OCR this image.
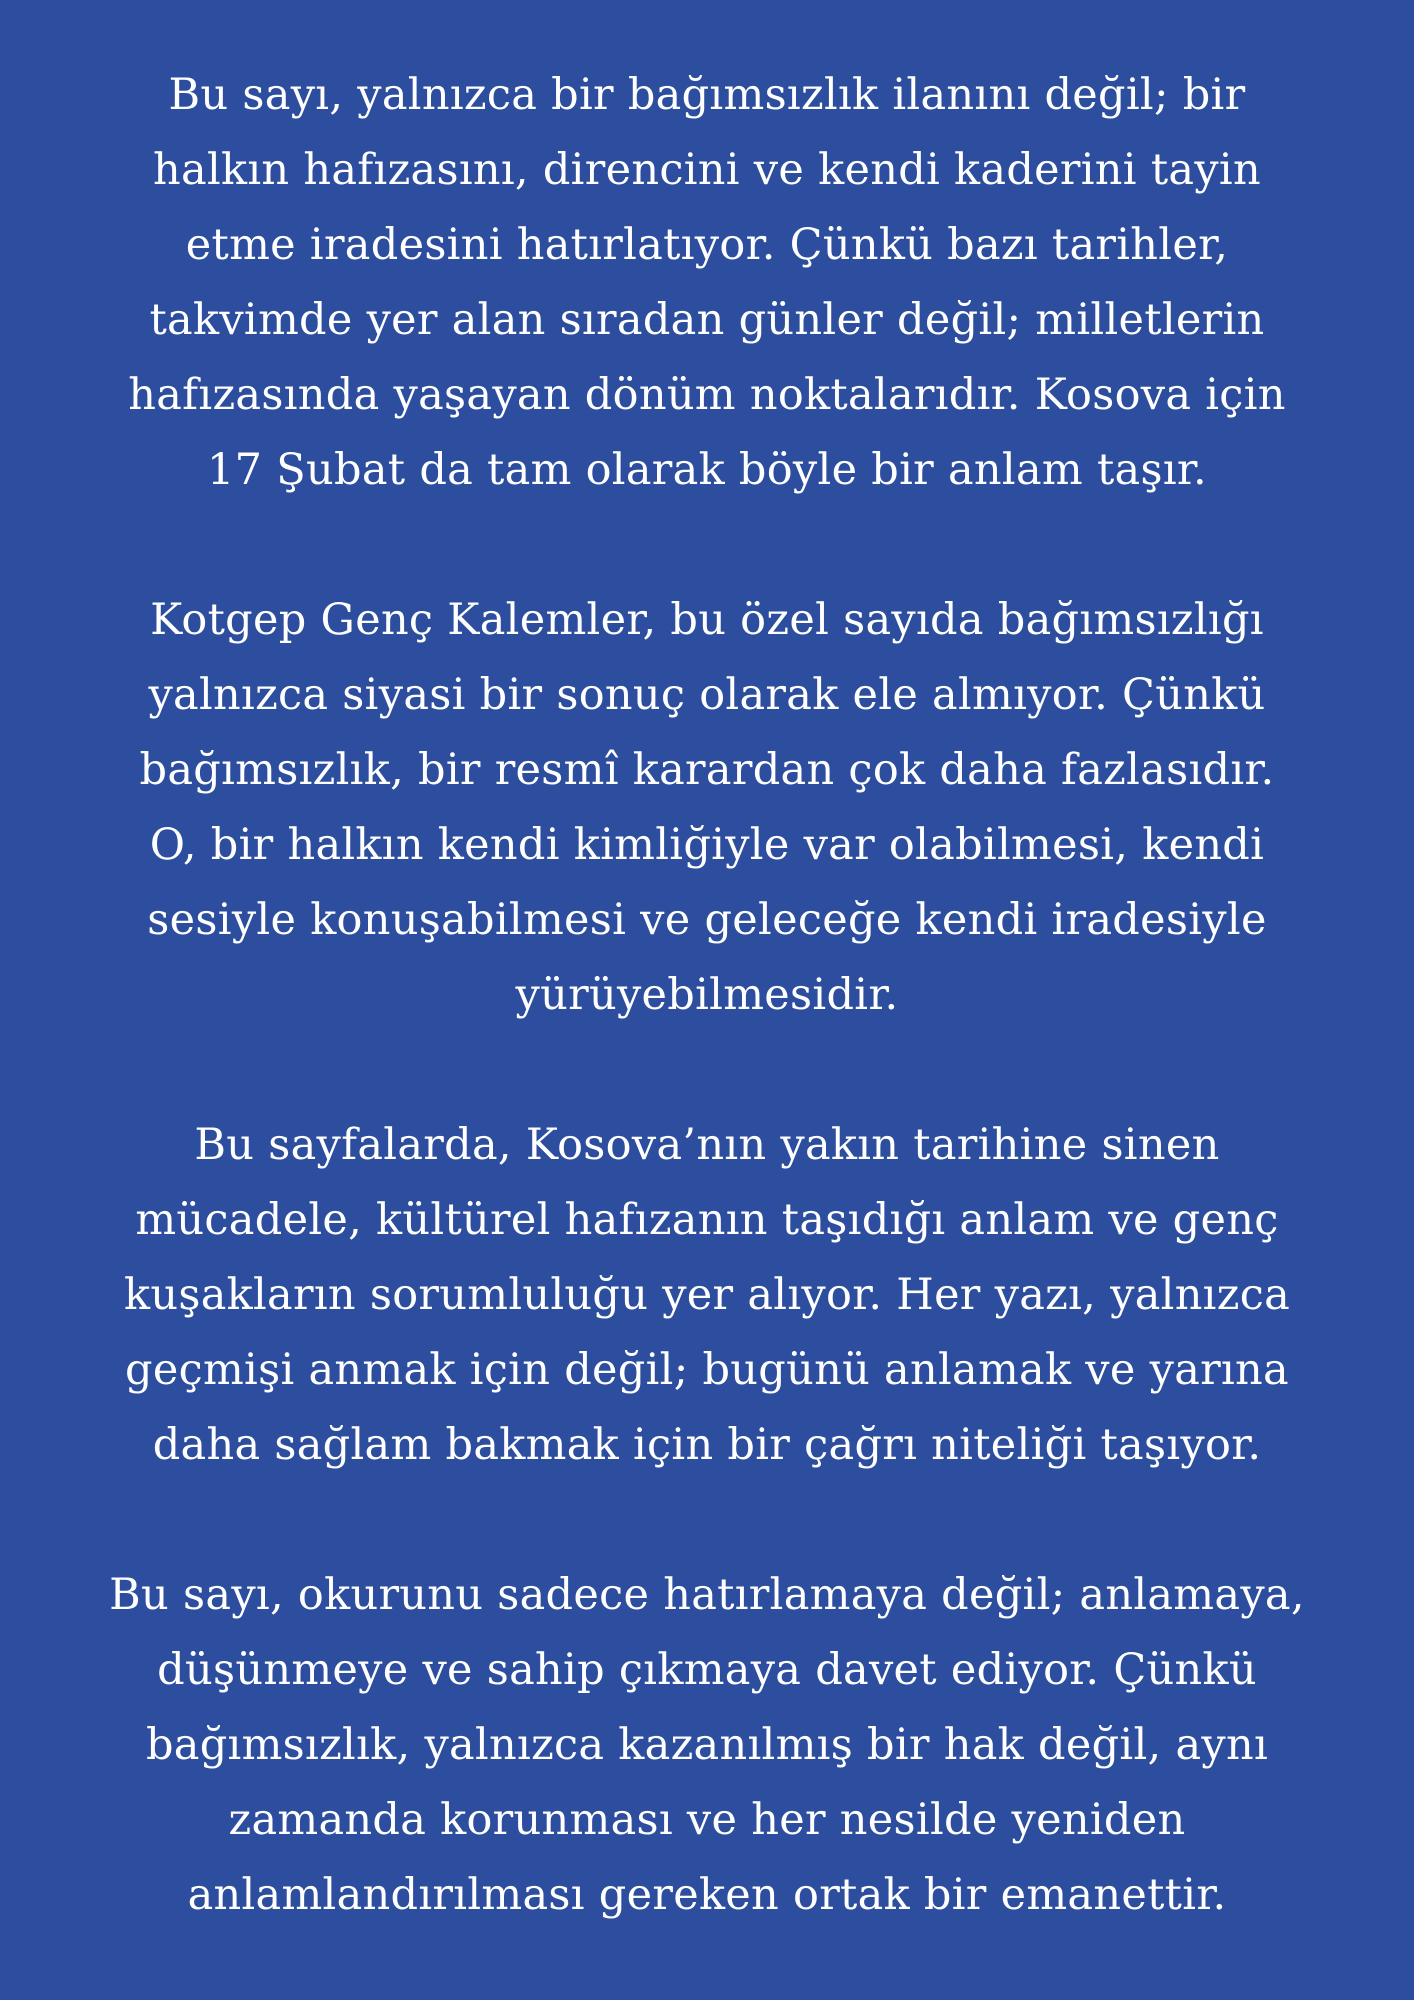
Bu sayı, yalnızca bir bağımsızlık ilanını değil; bir
halkın hafızasını, direncini ve kendi kaderini tayin
etme iradesini hatırlatıyor. Çünkü bazı tarihler,
takvimde yer alan sıradan günler değil; milletlerin
hafızasında yaşayan dönüm noktalarıdır. Kosova için
17 Şubat da tam olarak böyle bir anlam taşır.

Kotgep Genç Kalemler, bu özel sayıda bağımsızlığı
yalnızca siyasi bir sonuç olarak ele almıyor. Çünkü
bağımsızlık, bir resmî karardan çok daha fazlasıdır.
O, bir halkın kendi kimliğiyle var olabilmesi, kendi
sesiyle konuşabilmesi ve geleceğe kendi iradesiyle
yürüyebilmesidir.

Bu sayfalarda, Kosova’nın yakın tarihine sinen
mücadele, kültürel hafızanın taşıdığı anlam ve genç
kuşakların sorumluluğu yer alıyor. Her yazı, yalnızca
geçmişi anmak için değil; bugünü anlamak ve yarına
daha sağlam bakmak için bir çağrı niteliği taşıyor.

Bu sayı, okurunu sadece hatırlamaya değil; anlamaya,
düşünmeye ve sahip çıkmaya davet ediyor. Çünkü
bağımsızlık, yalnızca kazanılmış bir hak değil, aynı
zamanda korunması ve her nesilde yeniden
anlamlandırılması gereken ortak bir emanettir.
